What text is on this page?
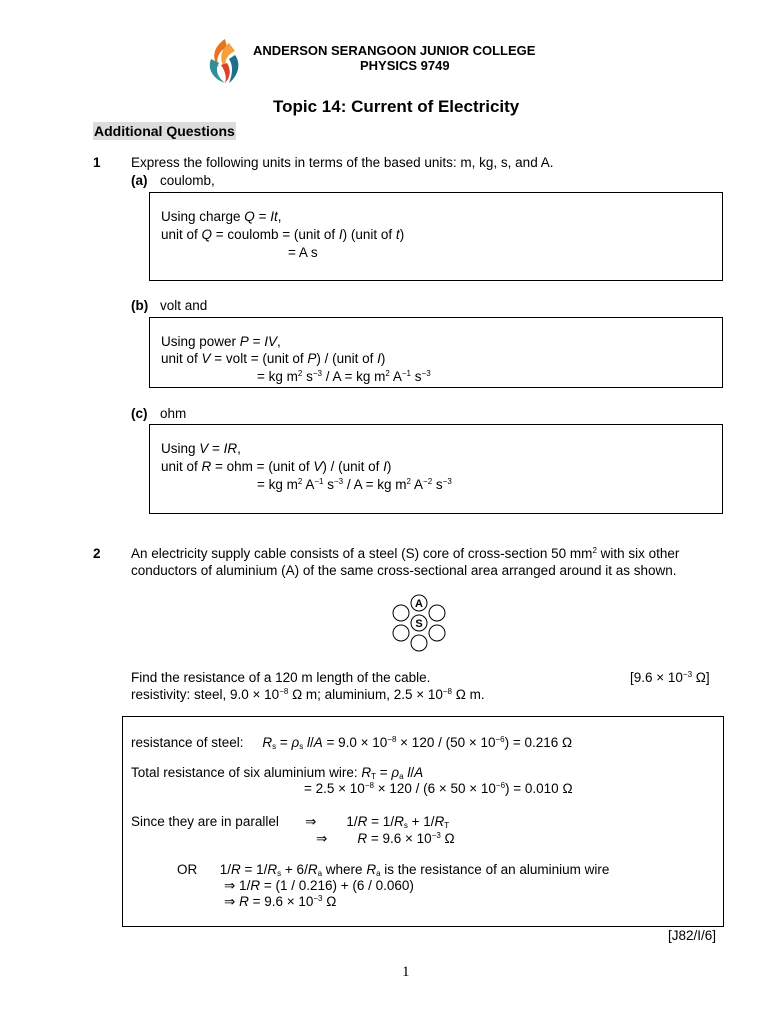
ANDERSON SERANGOON JUNIOR COLLEGE
PHYSICS 9749
Topic 14: Current of Electricity
Additional Questions
1 Express the following units in terms of the based units: m, kg, s, and A.
(a) coulomb,
Using charge Q = It,
unit of Q = coulomb = (unit of I) (unit of t)
= A s
(b) volt and
Using power P = IV,
unit of V = volt = (unit of P) / (unit of I)
= kg $m^2$ $s^{-3}$ / A = kg $m^2$ $A^{-1}$ $s^{-3}$
(c) ohm
Using V = IR,
unit of R = ohm = (unit of V) / (unit of I)
= kg $m^2$ $A^{-1}$ $s^{-3}$ / A = kg $m^2$ $A^{-2}$ $s^{-3}$
2 An electricity supply cable consists of a steel (S) core of cross-section 50 $mm^2$ with six other
conductors of aluminium (A) of the same cross-sectional area arranged around it as shown.
A
S
Find the resistance of a 120 m length of the cable.	[$9.6 \times 10^{-3}$ Ω]
resistivity: steel, $9.0 \times 10^{-8}$ Ω m; aluminium, $2.5 \times 10^{-8}$ Ω m.
resistance of steel:     $R_s = \rho_s$ $l/A = 9.0 \times 10^{-8} \times 120 / (50 \times 10^{-6}) = 0.216$ Ω
Total resistance of six aluminium wire: $R_T = \rho_a$ l/A
= $2.5 \times 10^{-8} \times 120 / (6 \times 50 \times 10^{-6}) = 0.010$ Ω
Since they are in parallel       ⇒        $1/R = 1/R_s + 1/R_T$
⇒        $R = 9.6 \times 10^{-3}$ Ω
OR      $1/R = 1/R_s + 6/R_a$ where $R_a$ is the resistance of an aluminium wire
⇒ 1/R = (1 / 0.216) + (6 / 0.060)
⇒ $R = 9.6 \times 10^{-3}$ Ω
[J82/I/6]
1
